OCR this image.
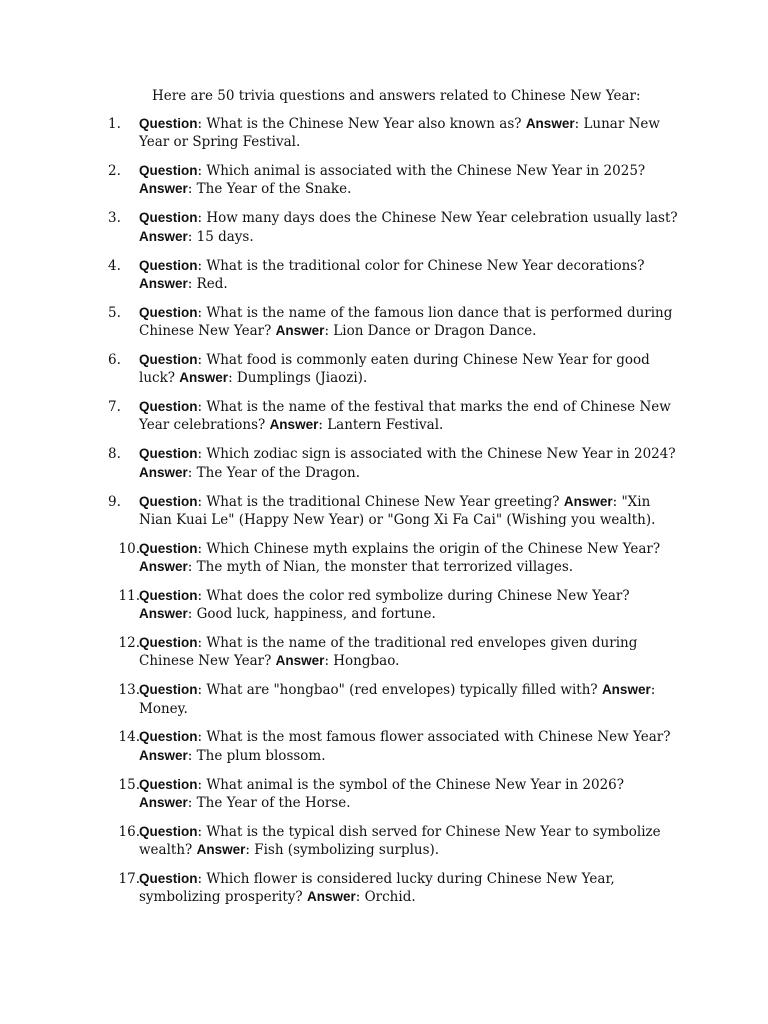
Here are 50 trivia questions and answers related to Chinese New Year:
1.	Question: What is the Chinese New Year also known as? Answer: Lunar New Year or Spring Festival.
2.	Question: Which animal is associated with the Chinese New Year in 2025? Answer: The Year of the Snake.
3.	Question: How many days does the Chinese New Year celebration usually last? Answer: 15 days.
4.	Question: What is the traditional color for Chinese New Year decorations? Answer: Red.
5.	Question: What is the name of the famous lion dance that is performed during Chinese New Year? Answer: Lion Dance or Dragon Dance.
6.	Question: What food is commonly eaten during Chinese New Year for good luck? Answer: Dumplings (Jiaozi).
7.	Question: What is the name of the festival that marks the end of Chinese New Year celebrations? Answer: Lantern Festival.
8.	Question: Which zodiac sign is associated with the Chinese New Year in 2024? Answer: The Year of the Dragon.
9.	Question: What is the traditional Chinese New Year greeting? Answer: "Xin Nian Kuai Le" (Happy New Year) or "Gong Xi Fa Cai" (Wishing you wealth).
10. Question: Which Chinese myth explains the origin of the Chinese New Year? Answer: The myth of Nian, the monster that terrorized villages.
11. Question: What does the color red symbolize during Chinese New Year? Answer: Good luck, happiness, and fortune.
12. Question: What is the name of the traditional red envelopes given during Chinese New Year? Answer: Hongbao.
13. Question: What are "hongbao" (red envelopes) typically filled with? Answer: Money.
14. Question: What is the most famous flower associated with Chinese New Year? Answer: The plum blossom.
15. Question: What animal is the symbol of the Chinese New Year in 2026? Answer: The Year of the Horse.
16. Question: What is the typical dish served for Chinese New Year to symbolize wealth? Answer: Fish (symbolizing surplus).
17. Question: Which flower is considered lucky during Chinese New Year, symbolizing prosperity? Answer: Orchid.
